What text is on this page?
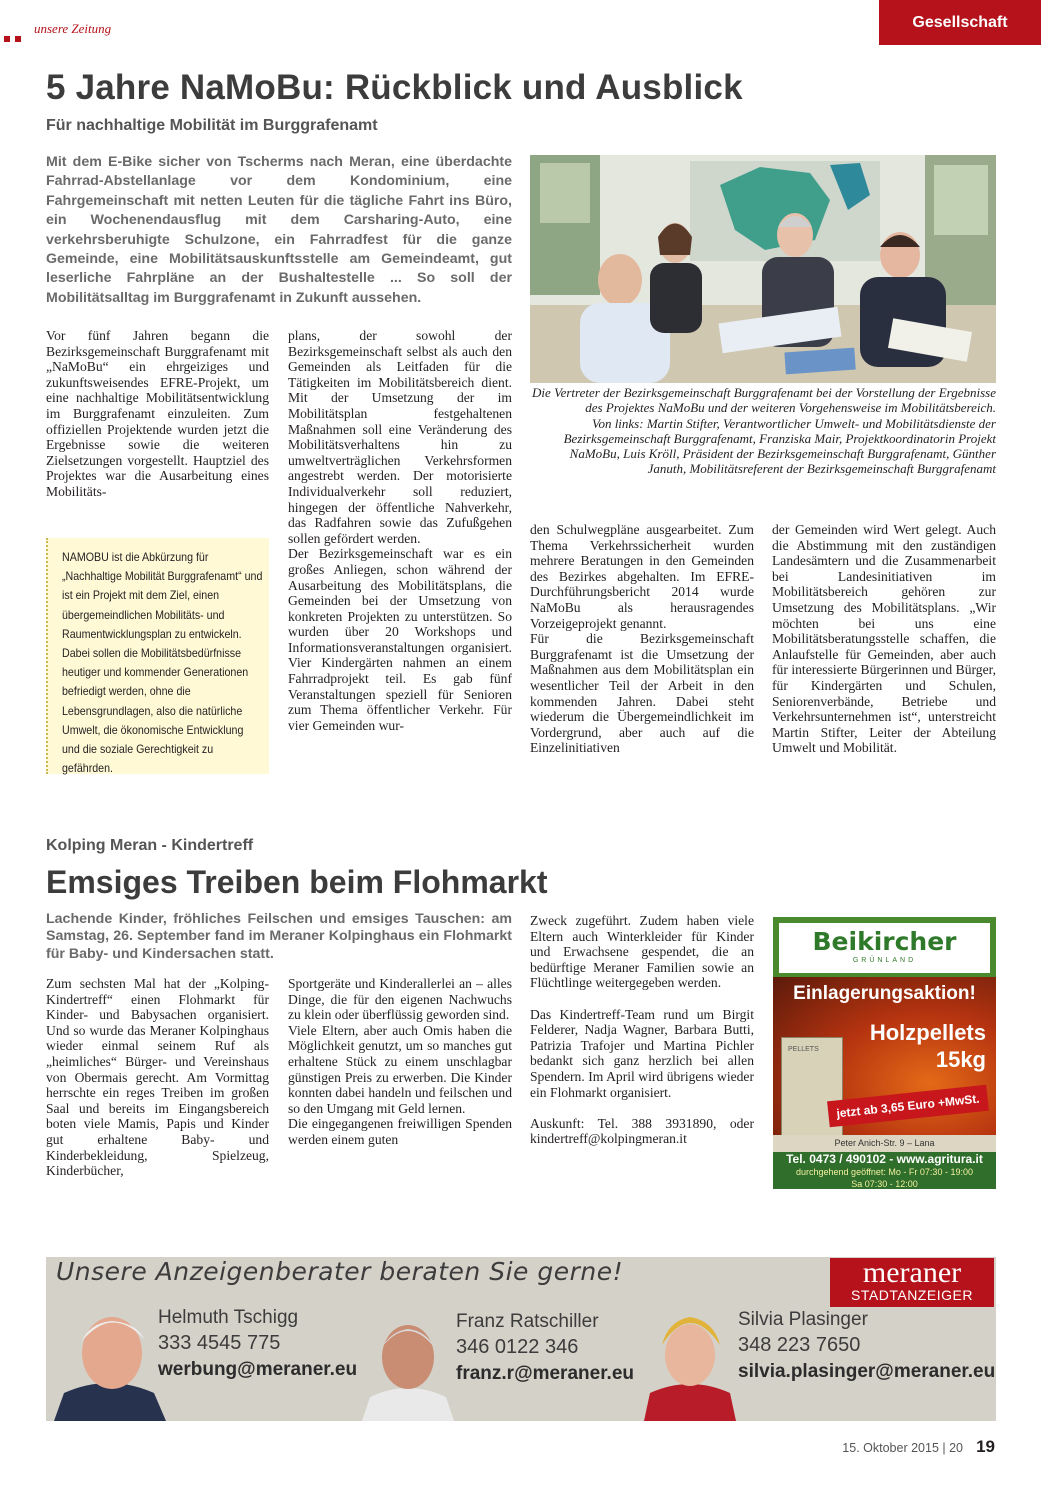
unsere Zeitung	Gesellschaft
5 Jahre NaMoBu: Rückblick und Ausblick
Für nachhaltige Mobilität im Burggrafenamt
Mit dem E-Bike sicher von Tscherms nach Meran, eine überdachte Fahrrad-Abstellanlage vor dem Kondominium, eine Fahrgemeinschaft mit netten Leuten für die tägliche Fahrt ins Büro, ein Wochenendausflug mit dem Carsharing-Auto, eine verkehrsberuhigte Schulzone, ein Fahrradfest für die ganze Gemeinde, eine Mobilitätsauskunftsstelle am Gemeindeamt, gut leserliche Fahrpläne an der Bushaltestelle ... So soll der Mobilitätsalltag im Burggrafenamt in Zukunft aussehen.
Vor fünf Jahren begann die Bezirksgemeinschaft Burggrafenamt mit „NaMoBu“ ein ehrgeiziges und zukunftsweisendes EFRE-Projekt, um eine nachhaltige Mobilitätsentwicklung im Burggrafenamt einzuleiten. Zum offiziellen Projektende wurden jetzt die Ergebnisse sowie die weiteren Zielsetzungen vorgestellt. Hauptziel des Projektes war die Ausarbeitung eines Mobilitäts-
plans, der sowohl der Bezirksgemeinschaft selbst als auch den Gemeinden als Leitfaden für die Tätigkeiten im Mobilitätsbereich dient. Mit der Umsetzung der im Mobilitätsplan festgehaltenen Maßnahmen soll eine Veränderung des Mobilitätsverhaltens hin zu umweltverträglichen Verkehrsformen angestrebt werden. Der motorisierte Individualverkehr soll reduziert, hingegen der öffentliche Nahverkehr, das Radfahren sowie das Zufußgehen sollen gefördert werden.
Der Bezirksgemeinschaft war es ein großes Anliegen, schon während der Ausarbeitung des Mobilitätsplans, die Gemeinden bei der Umsetzung von konkreten Projekten zu unterstützen. So wurden über 20 Workshops und Informationsveranstaltungen organisiert. Vier Kindergärten nahmen an einem Fahrradprojekt teil. Es gab fünf Veranstaltungen speziell für Senioren zum Thema öffentlicher Verkehr. Für vier Gemeinden wur-
den Schulwegpläne ausgearbeitet. Zum Thema Verkehrssicherheit wurden mehrere Beratungen in den Gemeinden des Bezirkes abgehalten. Im EFRE-Durchführungsbericht 2014 wurde NaMoBu als herausragendes Vorzeigeprojekt genannt.
Für die Bezirksgemeinschaft Burggrafenamt ist die Umsetzung der Maßnahmen aus dem Mobilitätsplan ein wesentlicher Teil der Arbeit in den kommenden Jahren. Dabei steht wiederum die Übergemeindlichkeit im Vordergrund, aber auch auf die Einzelinitiativen
der Gemeinden wird Wert gelegt. Auch die Abstimmung mit den zuständigen Landesämtern und die Zusammenarbeit bei Landesinitiativen im Mobilitätsbereich gehören zur Umsetzung des Mobilitätsplans. „Wir möchten bei uns eine Mobilitätsberatungsstelle schaffen, die Anlaufstelle für Gemeinden, aber auch für interessierte Bürgerinnen und Bürger, für Kindergärten und Schulen, Seniorenverbände, Betriebe und Verkehrsunternehmen ist“, unterstreicht Martin Stifter, Leiter der Abteilung Umwelt und Mobilität.
Die Vertreter der Bezirksgemeinschaft Burggrafenamt bei der Vorstellung der Ergebnisse des Projektes NaMoBu und der weiteren Vorgehensweise im Mobilitätsbereich.
Von links: Martin Stifter, Verantwortlicher Umwelt- und Mobilitätsdienste der Bezirksgemeinschaft Burggrafenamt, Franziska Mair, Projektkoordinatorin Projekt NaMoBu, Luis Kröll, Präsident der Bezirksgemeinschaft Burggrafenamt, Günther Januth, Mobilitätsreferent der Bezirksgemeinschaft Burggrafenamt
NAMOBU ist die Abkürzung für „Nachhaltige Mobilität Burggrafenamt“ und ist ein Projekt mit dem Ziel, einen übergemeindlichen Mobilitäts- und Raumentwicklungsplan zu entwickeln. Dabei sollen die Mobilitätsbedürfnisse heutiger und kommender Generationen befriedigt werden, ohne die Lebensgrundlagen, also die natürliche Umwelt, die ökonomische Entwicklung und die soziale Gerechtigkeit zu gefährden.
Kolping Meran - Kindertreff
Emsiges Treiben beim Flohmarkt
Lachende Kinder, fröhliches Feilschen und emsiges Tauschen: am Samstag, 26. September fand im Meraner Kolpinghaus ein Flohmarkt für Baby- und Kindersachen statt.
Zum sechsten Mal hat der „Kolping-Kindertreff“ einen Flohmarkt für Kinder- und Babysachen organisiert. Und so wurde das Meraner Kolpinghaus wieder einmal seinem Ruf als „heimliches“ Bürger- und Vereinshaus von Obermais gerecht. Am Vormittag herrschte ein reges Treiben im großen Saal und bereits im Eingangsbereich boten viele Mamis, Papis und Kinder gut erhaltene Baby- und Kinderbekleidung, Spielzeug, Kinderbücher,
Sportgeräte und Kinderallerlei an – alles Dinge, die für den eigenen Nachwuchs zu klein oder überflüssig geworden sind.
Viele Eltern, aber auch Omis haben die Möglichkeit genutzt, um so manches gut erhaltene Stück zu einem unschlagbar günstigen Preis zu erwerben. Die Kinder konnten dabei handeln und feilschen und so den Umgang mit Geld lernen.
Die eingegangenen freiwilligen Spenden werden einem guten
Zweck zugeführt. Zudem haben viele Eltern auch Winterkleider für Kinder und Erwachsene gespendet, die an bedürftige Meraner Familien sowie an Flüchtlinge weitergegeben werden.
Das Kindertreff-Team rund um Birgit Felderer, Nadja Wagner, Barbara Butti, Patrizia Trafojer und Martina Pichler bedankt sich ganz herzlich bei allen Spendern. Im April wird übrigens wieder ein Flohmarkt organisiert.
Auskunft: Tel. 388 3931890, oder kindertreff@kolpingmeran.it
Beikircher
GRÜNLAND
Einlagerungsaktion!
Holzpellets
15kg
PELLETS
jetzt ab 3,65 Euro +MwSt.
Peter Anich-Str. 9 – Lana
Tel. 0473 / 490102 - www.agritura.it
durchgehend geöffnet: Mo - Fr 07:30 - 19:00
Sa 07:30 - 12:00
Unsere Anzeigenberater beraten Sie gerne!	meraner
STADTANZEIGER
Helmuth Tschigg
333 4545 775
werbung@meraner.eu
Franz Ratschiller
346 0122 346
franz.r@meraner.eu
Silvia Plasinger
348 223 7650
silvia.plasinger@meraner.eu
15. Oktober 2015 | 20 19
